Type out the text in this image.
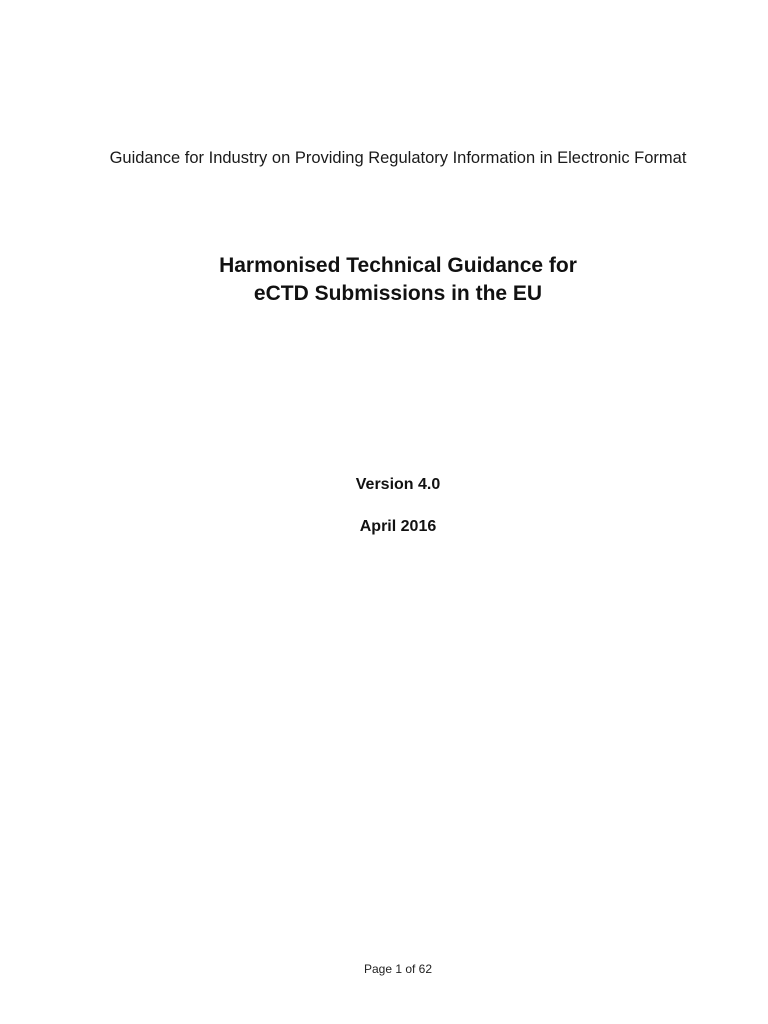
Guidance for Industry on Providing Regulatory Information in Electronic Format
Harmonised Technical Guidance for
eCTD Submissions in the EU
Version 4.0
April 2016
Page 1 of 62
